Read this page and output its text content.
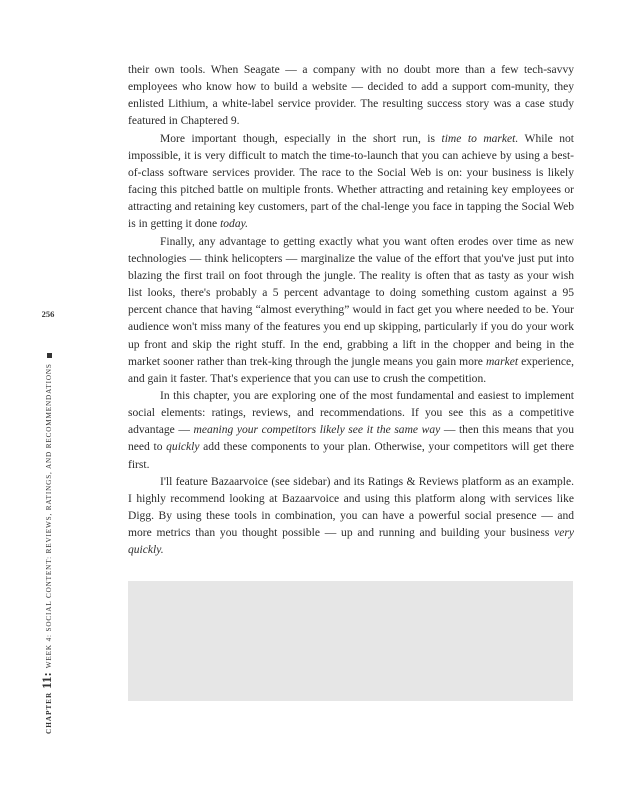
256
CHAPTER
11:
WEEK 4: SOCIAL CONTENT: REVIEWS, RATINGS, AND RECOMMENDATIONS

their own tools. When Seagate — a company with no doubt more than a few tech-savvy employees who know how to build a website — decided to add a support com-munity, they enlisted Lithium, a white-label service provider. The resulting success story was a case study featured in Chaptered 9.

More important though, especially in the short run, is time to market. While not impossible, it is very difficult to match the time-to-launch that you can achieve by using a best-of-class software services provider. The race to the Social Web is on: your business is likely facing this pitched battle on multiple fronts. Whether attracting and retaining key employees or attracting and retaining key customers, part of the chal-lenge you face in tapping the Social Web is in getting it done today.

Finally, any advantage to getting exactly what you want often erodes over time as new technologies — think helicopters — marginalize the value of the effort that you've just put into blazing the first trail on foot through the jungle. The reality is often that as tasty as your wish list looks, there's probably a 5 percent advantage to doing something custom against a 95 percent chance that having “almost everything” would in fact get you where needed to be. Your audience won't miss many of the features you end up skipping, particularly if you do your work up front and skip the right stuff. In the end, grabbing a lift in the chopper and being in the market sooner rather than trek-king through the jungle means you gain more market experience, and gain it faster. That's experience that you can use to crush the competition.

In this chapter, you are exploring one of the most fundamental and easiest to implement social elements: ratings, reviews, and recommendations. If you see this as a competitive advantage — meaning your competitors likely see it the same way — then this means that you need to quickly add these components to your plan. Otherwise, your competitors will get there first.

I'll feature Bazaarvoice (see sidebar) and its Ratings & Reviews platform as an example. I highly recommend looking at Bazaarvoice and using this platform along with services like Digg. By using these tools in combination, you can have a powerful social presence — and more metrics than you thought possible — up and running and building your business very quickly.
